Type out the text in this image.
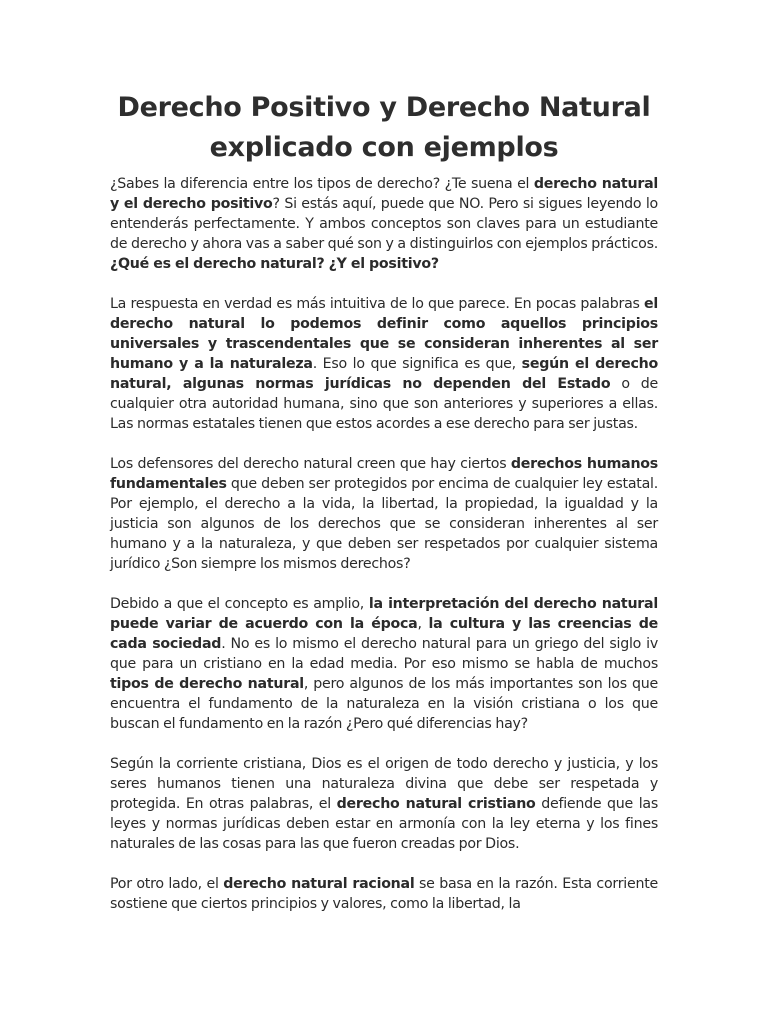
Derecho Positivo y Derecho Natural explicado con ejemplos

¿Sabes la diferencia entre los tipos de derecho? ¿Te suena el derecho natural y el derecho positivo? Si estás aquí, puede que NO. Pero si sigues leyendo lo entenderás perfectamente. Y ambos conceptos son claves para un estudiante de derecho y ahora vas a saber qué son y a distinguirlos con ejemplos prácticos. ¿Qué es el derecho natural? ¿Y el positivo?

La respuesta en verdad es más intuitiva de lo que parece. En pocas palabras el derecho natural lo podemos definir como aquellos principios universales y trascendentales que se consideran inherentes al ser humano y a la naturaleza. Eso lo que significa es que, según el derecho natural, algunas normas jurídicas no dependen del Estado o de cualquier otra autoridad humana, sino que son anteriores y superiores a ellas. Las normas estatales tienen que estos acordes a ese derecho para ser justas.

Los defensores del derecho natural creen que hay ciertos derechos humanos fundamentales que deben ser protegidos por encima de cualquier ley estatal. Por ejemplo, el derecho a la vida, la libertad, la propiedad, la igualdad y la justicia son algunos de los derechos que se consideran inherentes al ser humano y a la naturaleza, y que deben ser respetados por cualquier sistema jurídico ¿Son siempre los mismos derechos?

Debido a que el concepto es amplio, la interpretación del derecho natural puede variar de acuerdo con la época, la cultura y las creencias de cada sociedad. No es lo mismo el derecho natural para un griego del siglo iv que para un cristiano en la edad media. Por eso mismo se habla de muchos tipos de derecho natural, pero algunos de los más importantes son los que encuentra el fundamento de la naturaleza en la visión cristiana o los que buscan el fundamento en la razón ¿Pero qué diferencias hay?

Según la corriente cristiana, Dios es el origen de todo derecho y justicia, y los seres humanos tienen una naturaleza divina que debe ser respetada y protegida. En otras palabras, el derecho natural cristiano defiende que las leyes y normas jurídicas deben estar en armonía con la ley eterna y los fines naturales de las cosas para las que fueron creadas por Dios.

Por otro lado, el derecho natural racional se basa en la razón. Esta corriente sostiene que ciertos principios y valores, como la libertad, la
